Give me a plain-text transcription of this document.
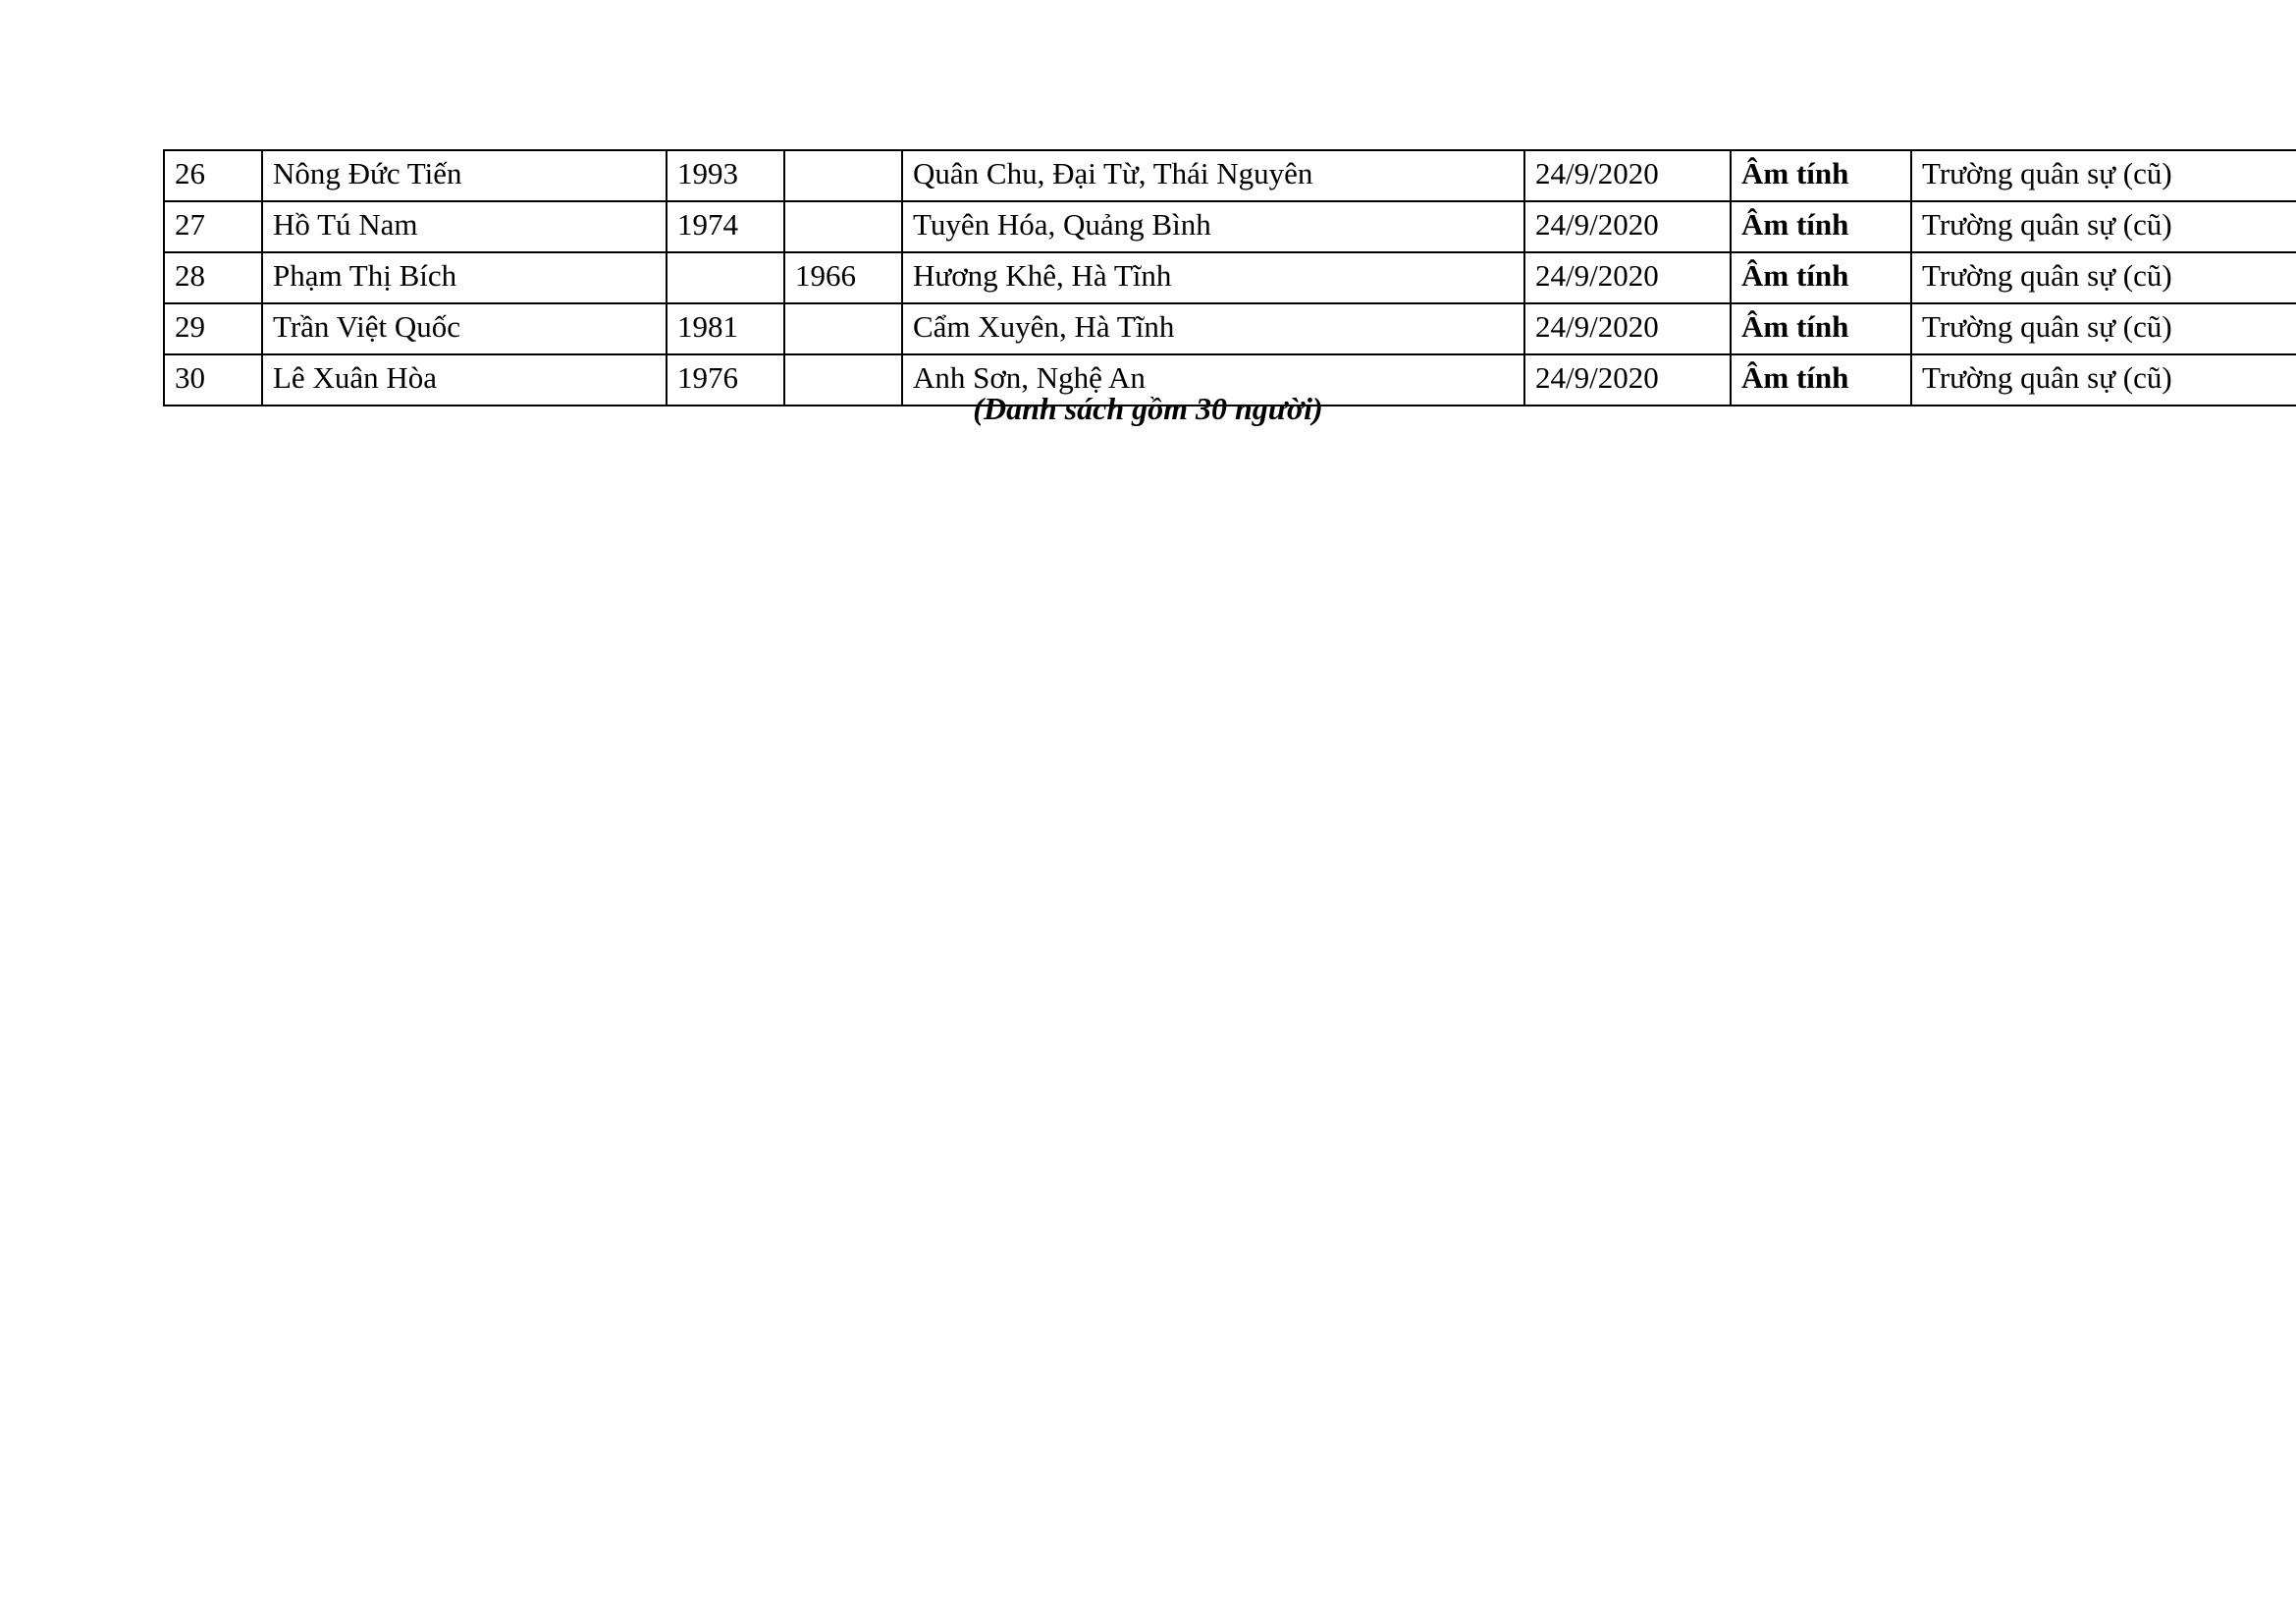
26	Nông Đức Tiến	1993		Quân Chu, Đại Từ, Thái Nguyên	24/9/2020	Âm tính	Trường quân sự (cũ)
27	Hồ Tú Nam	1974		Tuyên Hóa, Quảng Bình	24/9/2020	Âm tính	Trường quân sự (cũ)
28	Phạm Thị Bích		1966	Hương Khê, Hà Tĩnh	24/9/2020	Âm tính	Trường quân sự (cũ)
29	Trần Việt Quốc	1981		Cẩm Xuyên, Hà Tĩnh	24/9/2020	Âm tính	Trường quân sự (cũ)
30	Lê Xuân Hòa	1976		Anh Sơn, Nghệ An	24/9/2020	Âm tính	Trường quân sự (cũ)
(Danh sách gồm 30 người)
